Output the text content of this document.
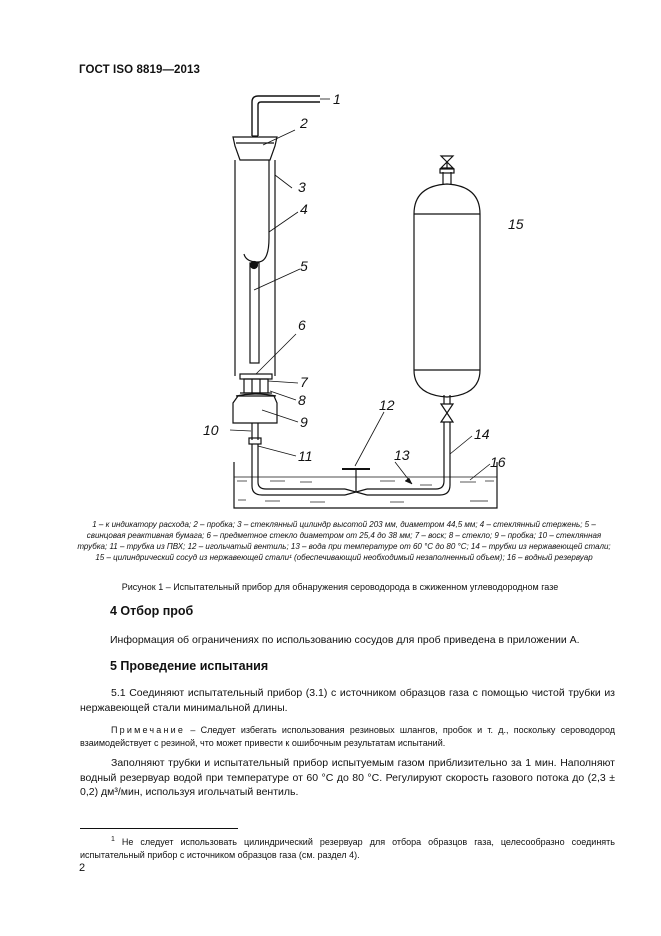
ГОСТ ISO 8819—2013
1
2
3
4
5
6
7
8
9
10
11
12
13
14
15
16
1 – к индикатору расхода; 2 – пробка; 3 – стеклянный цилиндр высотой 203 мм, диаметром 44,5 мм; 4 – стеклянный стержень; 5 – свинцовая реактивная бумага; 6 – предметное стекло диаметром от 25,4 до 38 мм; 7 – воск; 8 – стекло; 9 – пробка; 10 – стеклянная трубка; 11 – трубка из ПВХ; 12 – игольчатый вентиль; 13 – вода при температуре от 60 °С до 80 °С; 14 – трубки из нержавеющей стали; 15 – цилиндрический сосуд из нержавеющей стали¹ (обеспечивающий необходимый незаполненный объем); 16 – водный резервуар
Рисунок 1 – Испытательный прибор для обнаружения сероводорода в сжиженном углеводородном газе
4 Отбор проб
Информация об ограничениях по использованию сосудов для проб приведена в приложении А.
5 Проведение испытания
5.1 Соединяют испытательный прибор (3.1) с источником образцов газа с помощью чистой трубки из нержавеющей стали минимальной длины.
Примечание – Следует избегать использования резиновых шлангов, пробок и т. д., поскольку сероводород взаимодействует с резиной, что может привести к ошибочным результатам испытаний.
Заполняют трубки и испытательный прибор испытуемым газом приблизительно за 1 мин. Наполняют водный резервуар водой при температуре от 60 °С до 80 °С. Регулируют скорость газового потока до (2,3 ± 0,2) дм³/мин, используя игольчатый вентиль.
$^1$ Не следует использовать цилиндрический резервуар для отбора образцов газа, целесообразно соединять испытательный прибор с источником образцов газа (см. раздел 4).
2
